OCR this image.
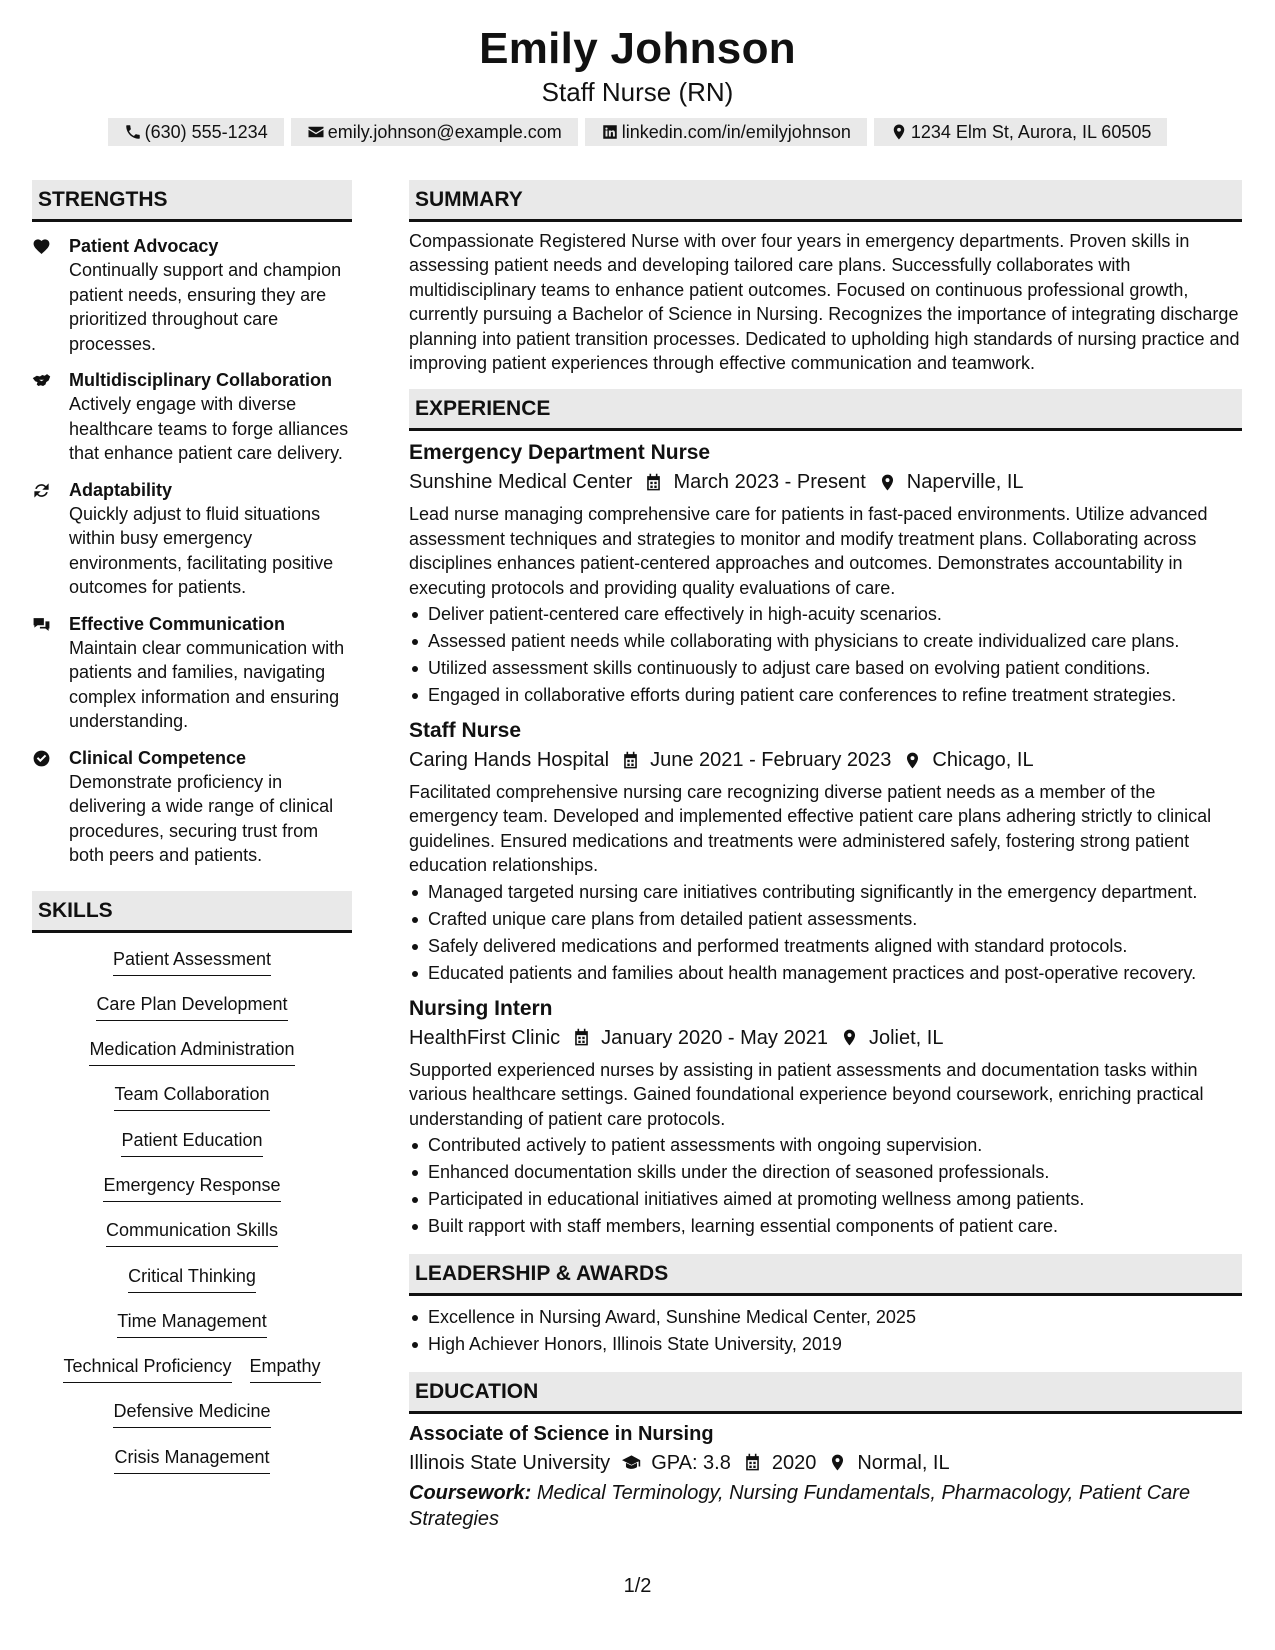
Emily Johnson
Staff Nurse (RN)
(630) 555-1234	emily.johnson@example.com	linkedin.com/in/emilyjohnson	1234 Elm St, Aurora, IL 60505
STRENGTHS
Patient Advocacy
Continually support and champion patient needs, ensuring they are prioritized throughout care processes.
Multidisciplinary Collaboration
Actively engage with diverse healthcare teams to forge alliances that enhance patient care delivery.
Adaptability
Quickly adjust to fluid situations within busy emergency environments, facilitating positive outcomes for patients.
Effective Communication
Maintain clear communication with patients and families, navigating complex information and ensuring understanding.
Clinical Competence
Demonstrate proficiency in delivering a wide range of clinical procedures, securing trust from both peers and patients.
SKILLS
Patient Assessment
Care Plan Development
Medication Administration
Team Collaboration
Patient Education
Emergency Response
Communication Skills
Critical Thinking
Time Management
Technical Proficiency Empathy
Defensive Medicine
Crisis Management
SUMMARY
Compassionate Registered Nurse with over four years in emergency departments. Proven skills in assessing patient needs and developing tailored care plans. Successfully collaborates with multidisciplinary teams to enhance patient outcomes. Focused on continuous professional growth, currently pursuing a Bachelor of Science in Nursing. Recognizes the importance of integrating discharge planning into patient transition processes. Dedicated to upholding high standards of nursing practice and improving patient experiences through effective communication and teamwork.
EXPERIENCE
Emergency Department Nurse
Sunshine Medical Center March 2023 - Present Naperville, IL
Lead nurse managing comprehensive care for patients in fast-paced environments. Utilize advanced assessment techniques and strategies to monitor and modify treatment plans. Collaborating across disciplines enhances patient-centered approaches and outcomes. Demonstrates accountability in executing protocols and providing quality evaluations of care.
Deliver patient-centered care effectively in high-acuity scenarios.
Assessed patient needs while collaborating with physicians to create individualized care plans.
Utilized assessment skills continuously to adjust care based on evolving patient conditions.
Engaged in collaborative efforts during patient care conferences to refine treatment strategies.
Staff Nurse
Caring Hands Hospital June 2021 - February 2023 Chicago, IL
Facilitated comprehensive nursing care recognizing diverse patient needs as a member of the emergency team. Developed and implemented effective patient care plans adhering strictly to clinical guidelines. Ensured medications and treatments were administered safely, fostering strong patient education relationships.
Managed targeted nursing care initiatives contributing significantly in the emergency department.
Crafted unique care plans from detailed patient assessments.
Safely delivered medications and performed treatments aligned with standard protocols.
Educated patients and families about health management practices and post-operative recovery.
Nursing Intern
HealthFirst Clinic January 2020 - May 2021 Joliet, IL
Supported experienced nurses by assisting in patient assessments and documentation tasks within various healthcare settings. Gained foundational experience beyond coursework, enriching practical understanding of patient care protocols.
Contributed actively to patient assessments with ongoing supervision.
Enhanced documentation skills under the direction of seasoned professionals.
Participated in educational initiatives aimed at promoting wellness among patients.
Built rapport with staff members, learning essential components of patient care.
LEADERSHIP & AWARDS
Excellence in Nursing Award, Sunshine Medical Center, 2025
High Achiever Honors, Illinois State University, 2019
EDUCATION
Associate of Science in Nursing
Illinois State University GPA: 3.8 2020 Normal, IL
Coursework: Medical Terminology, Nursing Fundamentals, Pharmacology, Patient Care Strategies
1/2
